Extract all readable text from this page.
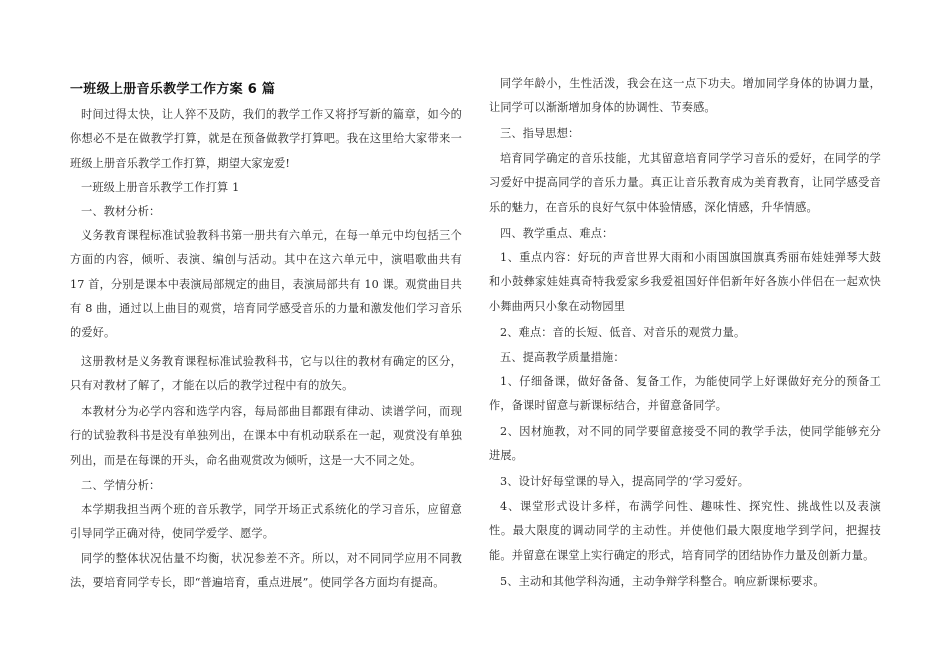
一班级上册音乐教学工作方案 6 篇

时间过得太快，让人猝不及防，我们的教学工作又将抒写新的篇章，如今的你想必不是在做教学打算，就是在预备做教学打算吧。我在这里给大家带来一班级上册音乐教学工作打算，期望大家宠爱!

一班级上册音乐教学工作打算 1

一、教材分析：

义务教育课程标准试验教科书第一册共有六单元，在每一单元中均包括三个方面的内容，倾听、表演、编创与活动。其中在这六单元中，演唱歌曲共有 17 首，分别是课本中表演局部规定的曲目，表演局部共有 10 课。观赏曲目共有 8 曲，通过以上曲目的观赏，培育同学感受音乐的力量和激发他们学习音乐的爱好。

这册教材是义务教育课程标准试验教科书，它与以往的教材有确定的区分，只有对教材了解了，才能在以后的教学过程中有的放矢。

本教材分为必学内容和选学内容，每局部曲目都跟有律动、读谱学问，而现行的试验教科书是没有单独列出，在课本中有机动联系在一起，观赏没有单独列出，而是在每课的开头，命名曲观赏改为倾听，这是一大不同之处。

二、学情分析：

本学期我担当两个班的音乐教学，同学开场正式系统化的学习音乐，应留意引导同学正确对待，使同学爱学、愿学。

同学的整体状况估量不均衡，状况参差不齐。所以，对不同同学应用不同教法，要培育同学专长，即“普遍培育，重点进展”。使同学各方面均有提高。

同学年龄小，生性活泼，我会在这一点下功夫。增加同学身体的协调力量，让同学可以渐渐增加身体的协调性、节奏感。

三、指导思想：

培育同学确定的音乐技能，尤其留意培育同学学习音乐的爱好，在同学的学习爱好中提高同学的音乐力量。真正让音乐教育成为美育教育，让同学感受音乐的魅力，在音乐的良好气氛中体验情感，深化情感，升华情感。

四、教学重点、难点：

1、重点内容：好玩的声音世界大雨和小雨国旗国旗真秀丽布娃娃弹琴大鼓和小鼓彝家娃娃真奇特我爱家乡我爱祖国好伴侣新年好各族小伴侣在一起欢快小舞曲两只小象在动物园里

2、难点：音的长短、低音、对音乐的观赏力量。

五、提高教学质量措施：

1、仔细备课，做好备备、复备工作，为能使同学上好课做好充分的预备工作，备课时留意与新课标结合，并留意备同学。

2、因材施教，对不同的同学要留意接受不同的教学手法，使同学能够充分进展。

3、设计好每堂课的导入，提高同学的‘学习爱好。

4、课堂形式设计多样，布满学问性、趣味性、探究性、挑战性以及表演性。最大限度的调动同学的主动性。并使他们最大限度地学到学问，把握技能。并留意在课堂上实行确定的形式，培育同学的团结协作力量及创新力量。

5、主动和其他学科沟通，主动争辩学科整合。响应新课标要求。
